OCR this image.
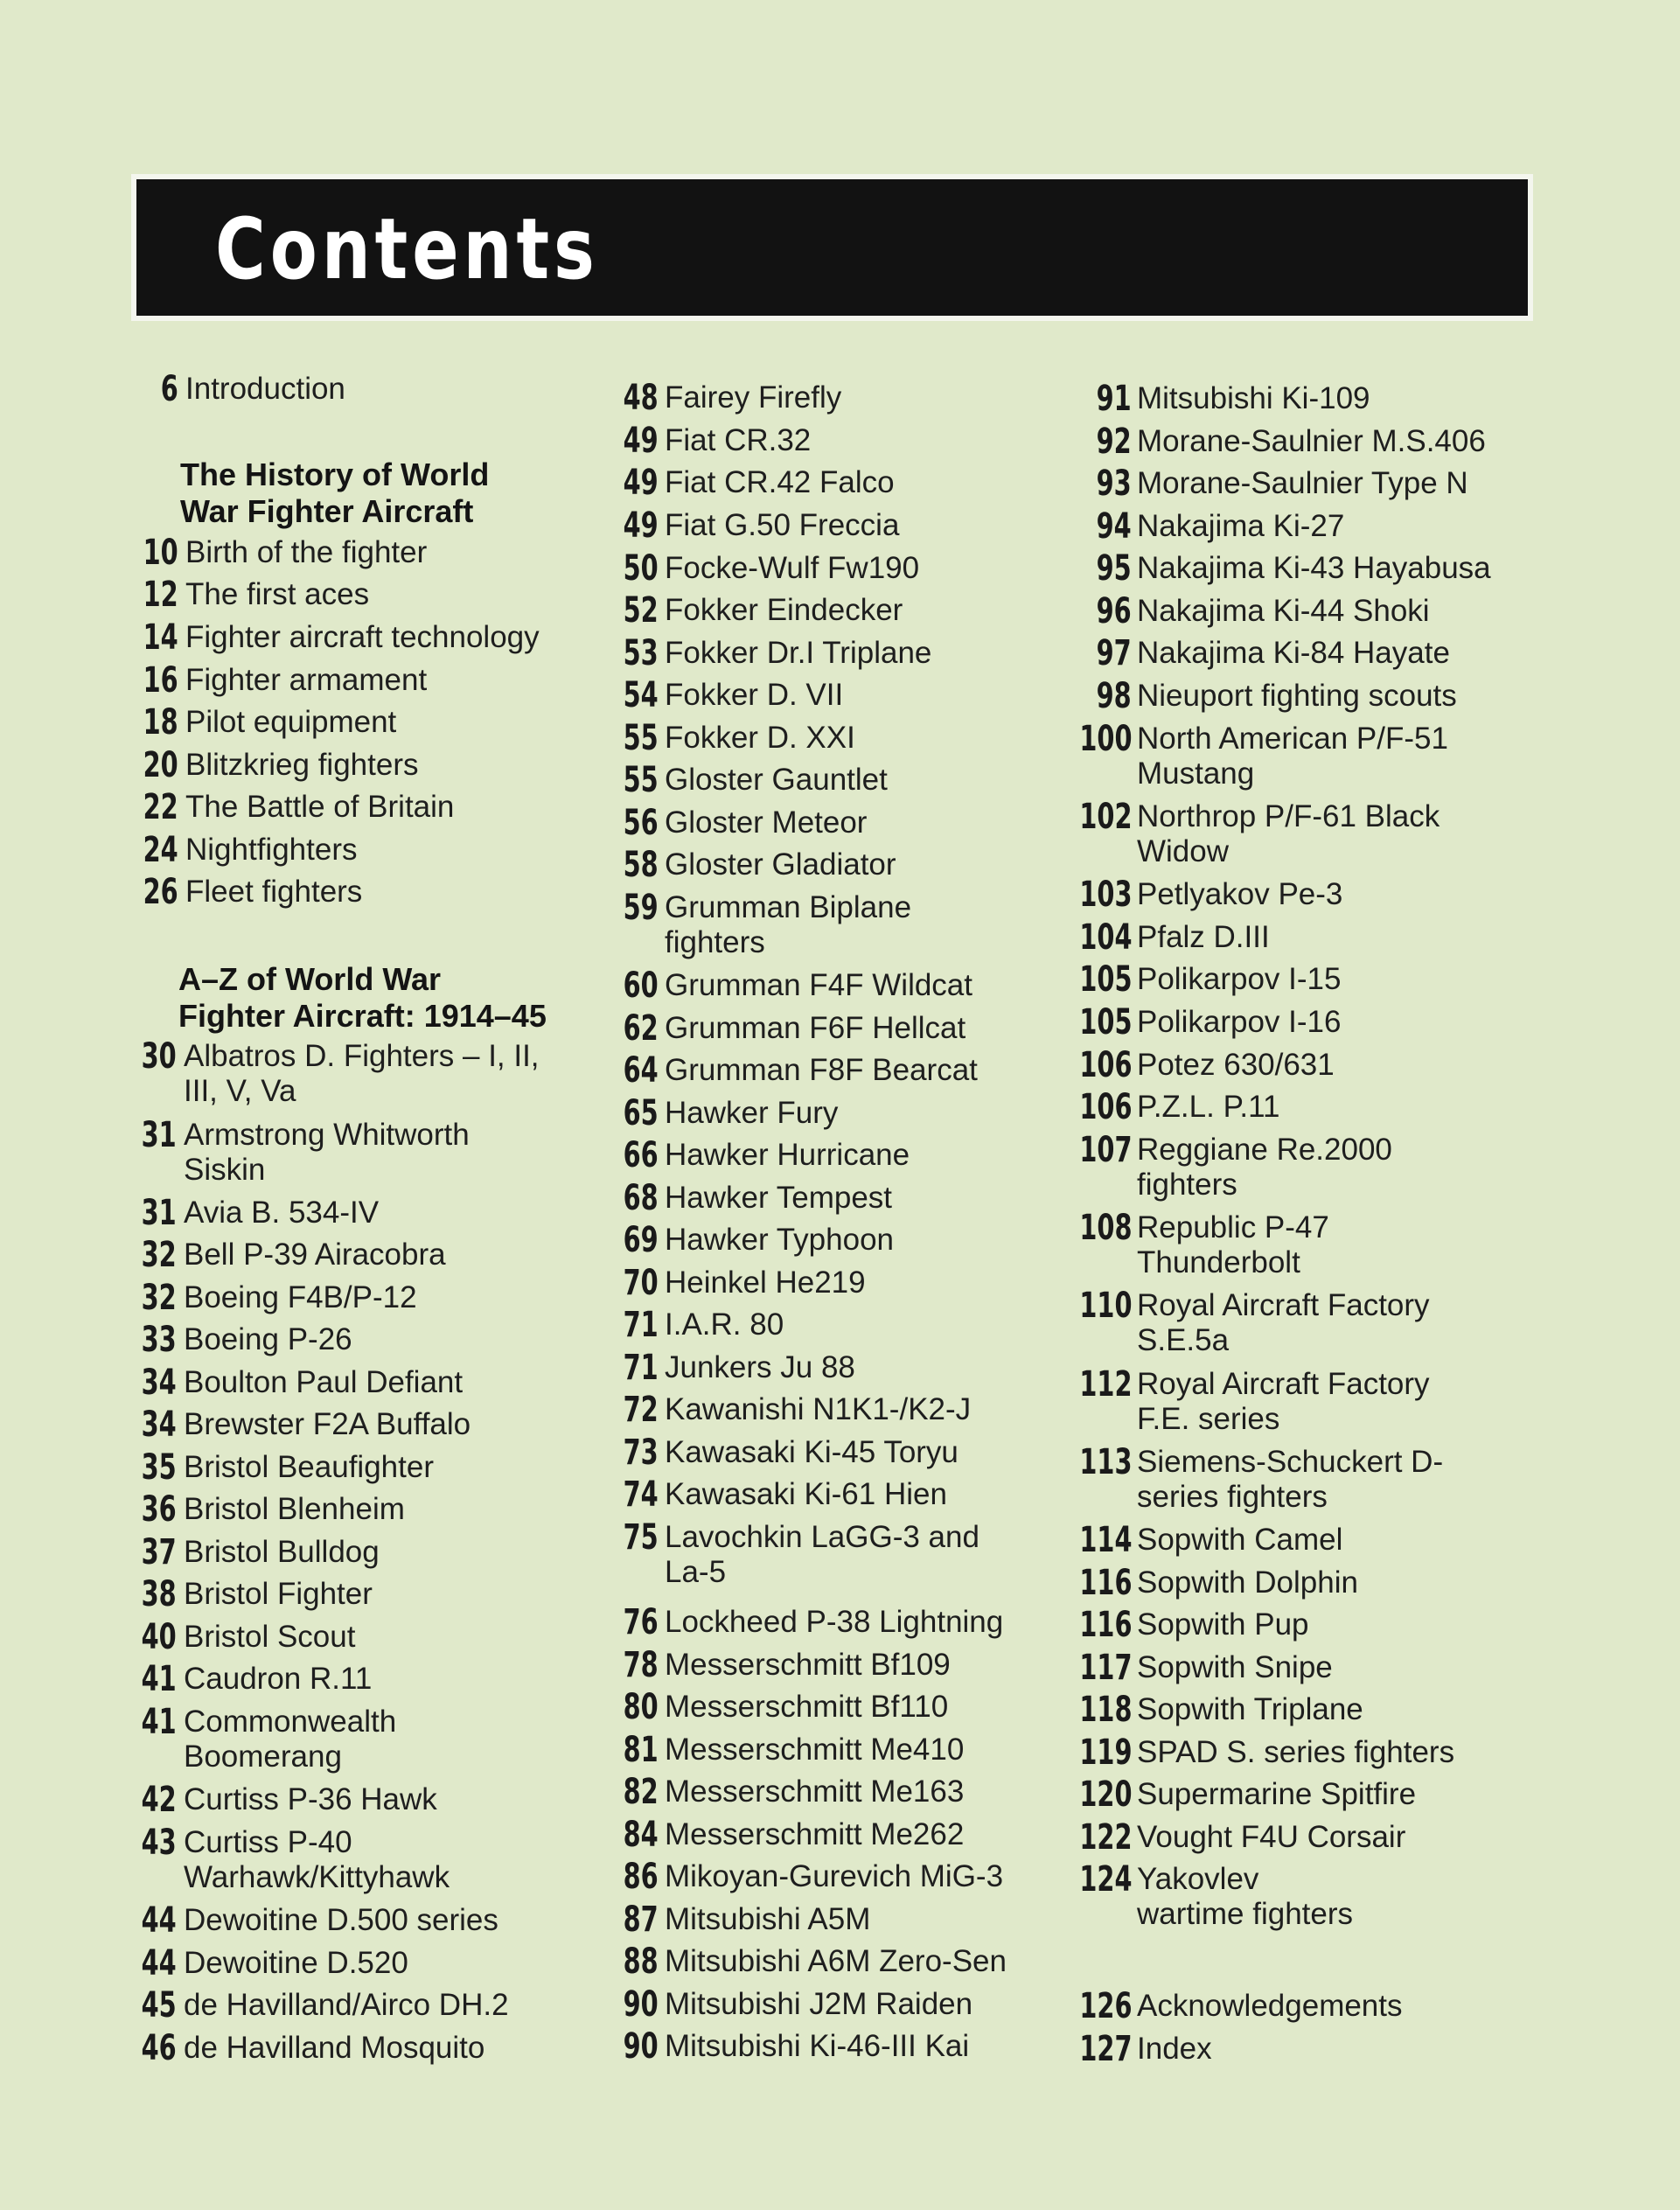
Contents
6 Introduction
The History of World
War Fighter Aircraft
10 Birth of the fighter
12 The first aces
14 Fighter aircraft technology
16 Fighter armament
18 Pilot equipment
20 Blitzkrieg fighters
22 The Battle of Britain
24 Nightfighters
26 Fleet fighters
A–Z of World War
Fighter Aircraft: 1914–45
30 Albatros D. Fighters – I, II, III, V, Va
31 Armstrong Whitworth Siskin
31 Avia B. 534-IV
32 Bell P-39 Airacobra
32 Boeing F4B/P-12
33 Boeing P-26
34 Boulton Paul Defiant
34 Brewster F2A Buffalo
35 Bristol Beaufighter
36 Bristol Blenheim
37 Bristol Bulldog
38 Bristol Fighter
40 Bristol Scout
41 Caudron R.11
41 Commonwealth Boomerang
42 Curtiss P-36 Hawk
43 Curtiss P-40 Warhawk/Kittyhawk
44 Dewoitine D.500 series
44 Dewoitine D.520
45 de Havilland/Airco DH.2
46 de Havilland Mosquito
48 Fairey Firefly
49 Fiat CR.32
49 Fiat CR.42 Falco
49 Fiat G.50 Freccia
50 Focke-Wulf Fw190
52 Fokker Eindecker
53 Fokker Dr.I Triplane
54 Fokker D. VII
55 Fokker D. XXI
55 Gloster Gauntlet
56 Gloster Meteor
58 Gloster Gladiator
59 Grumman Biplane fighters
60 Grumman F4F Wildcat
62 Grumman F6F Hellcat
64 Grumman F8F Bearcat
65 Hawker Fury
66 Hawker Hurricane
68 Hawker Tempest
69 Hawker Typhoon
70 Heinkel He219
71 I.A.R. 80
71 Junkers Ju 88
72 Kawanishi N1K1-/K2-J
73 Kawasaki Ki-45 Toryu
74 Kawasaki Ki-61 Hien
75 Lavochkin LaGG-3 and La-5
76 Lockheed P-38 Lightning
78 Messerschmitt Bf109
80 Messerschmitt Bf110
81 Messerschmitt Me410
82 Messerschmitt Me163
84 Messerschmitt Me262
86 Mikoyan-Gurevich MiG-3
87 Mitsubishi A5M
88 Mitsubishi A6M Zero-Sen
90 Mitsubishi J2M Raiden
90 Mitsubishi Ki-46-III Kai
91 Mitsubishi Ki-109
92 Morane-Saulnier M.S.406
93 Morane-Saulnier Type N
94 Nakajima Ki-27
95 Nakajima Ki-43 Hayabusa
96 Nakajima Ki-44 Shoki
97 Nakajima Ki-84 Hayate
98 Nieuport fighting scouts
100 North American P/F-51 Mustang
102 Northrop P/F-61 Black Widow
103 Petlyakov Pe-3
104 Pfalz D.III
105 Polikarpov I-15
105 Polikarpov I-16
106 Potez 630/631
106 P.Z.L. P.11
107 Reggiane Re.2000 fighters
108 Republic P-47 Thunderbolt
110 Royal Aircraft Factory S.E.5a
112 Royal Aircraft Factory F.E. series
113 Siemens-Schuckert D-series fighters
114 Sopwith Camel
116 Sopwith Dolphin
116 Sopwith Pup
117 Sopwith Snipe
118 Sopwith Triplane
119 SPAD S. series fighters
120 Supermarine Spitfire
122 Vought F4U Corsair
124 Yakovlev wartime fighters
126 Acknowledgements
127 Index
